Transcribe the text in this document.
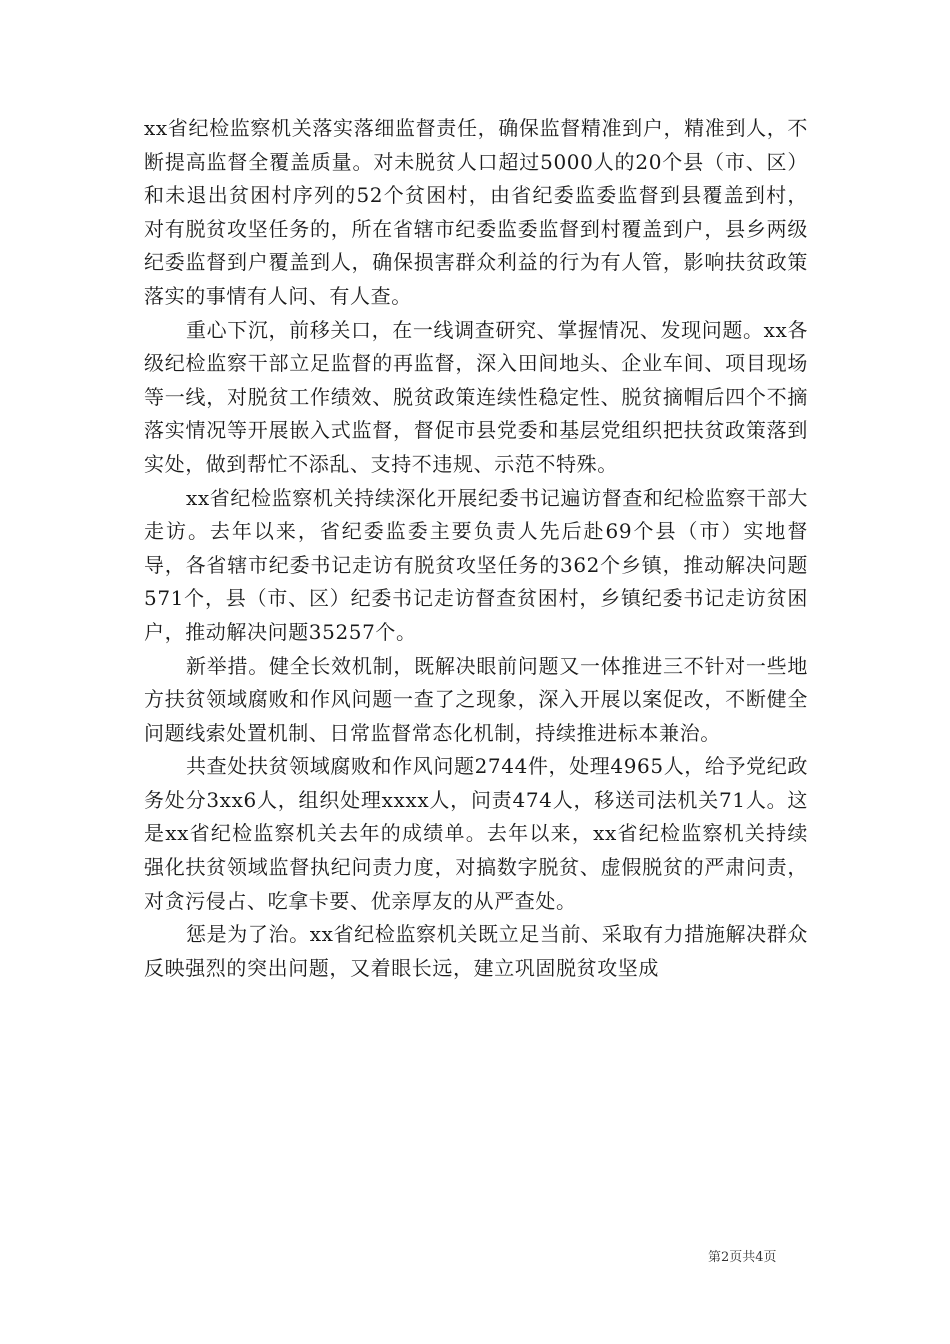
xx省纪检监察机关落实落细监督责任，确保监督精准到户，精准到人，不断提高监督全覆盖质量。对未脱贫人口超过5000人的20个县（市、区）和未退出贫困村序列的52个贫困村，由省纪委监委监督到县覆盖到村，对有脱贫攻坚任务的，所在省辖市纪委监委监督到村覆盖到户，县乡两级纪委监督到户覆盖到人，确保损害群众利益的行为有人管，影响扶贫政策落实的事情有人问、有人查。

重心下沉，前移关口，在一线调查研究、掌握情况、发现问题。xx各级纪检监察干部立足监督的再监督，深入田间地头、企业车间、项目现场等一线，对脱贫工作绩效、脱贫政策连续性稳定性、脱贫摘帽后四个不摘落实情况等开展嵌入式监督，督促市县党委和基层党组织把扶贫政策落到实处，做到帮忙不添乱、支持不违规、示范不特殊。

xx省纪检监察机关持续深化开展纪委书记遍访督查和纪检监察干部大走访。去年以来，省纪委监委主要负责人先后赴69个县（市）实地督导，各省辖市纪委书记走访有脱贫攻坚任务的362个乡镇，推动解决问题571个，县（市、区）纪委书记走访督查贫困村，乡镇纪委书记走访贫困户，推动解决问题35257个。

新举措。健全长效机制，既解决眼前问题又一体推进三不针对一些地方扶贫领域腐败和作风问题一查了之现象，深入开展以案促改，不断健全问题线索处置机制、日常监督常态化机制，持续推进标本兼治。

共查处扶贫领域腐败和作风问题2744件，处理4965人，给予党纪政务处分3xx6人，组织处理xxxx人，问责474人，移送司法机关71人。这是xx省纪检监察机关去年的成绩单。去年以来，xx省纪检监察机关持续强化扶贫领域监督执纪问责力度，对搞数字脱贫、虚假脱贫的严肃问责，对贪污侵占、吃拿卡要、优亲厚友的从严查处。

惩是为了治。xx省纪检监察机关既立足当前、采取有力措施解决群众反映强烈的突出问题，又着眼长远，建立巩固脱贫攻坚成

第2页共4页
